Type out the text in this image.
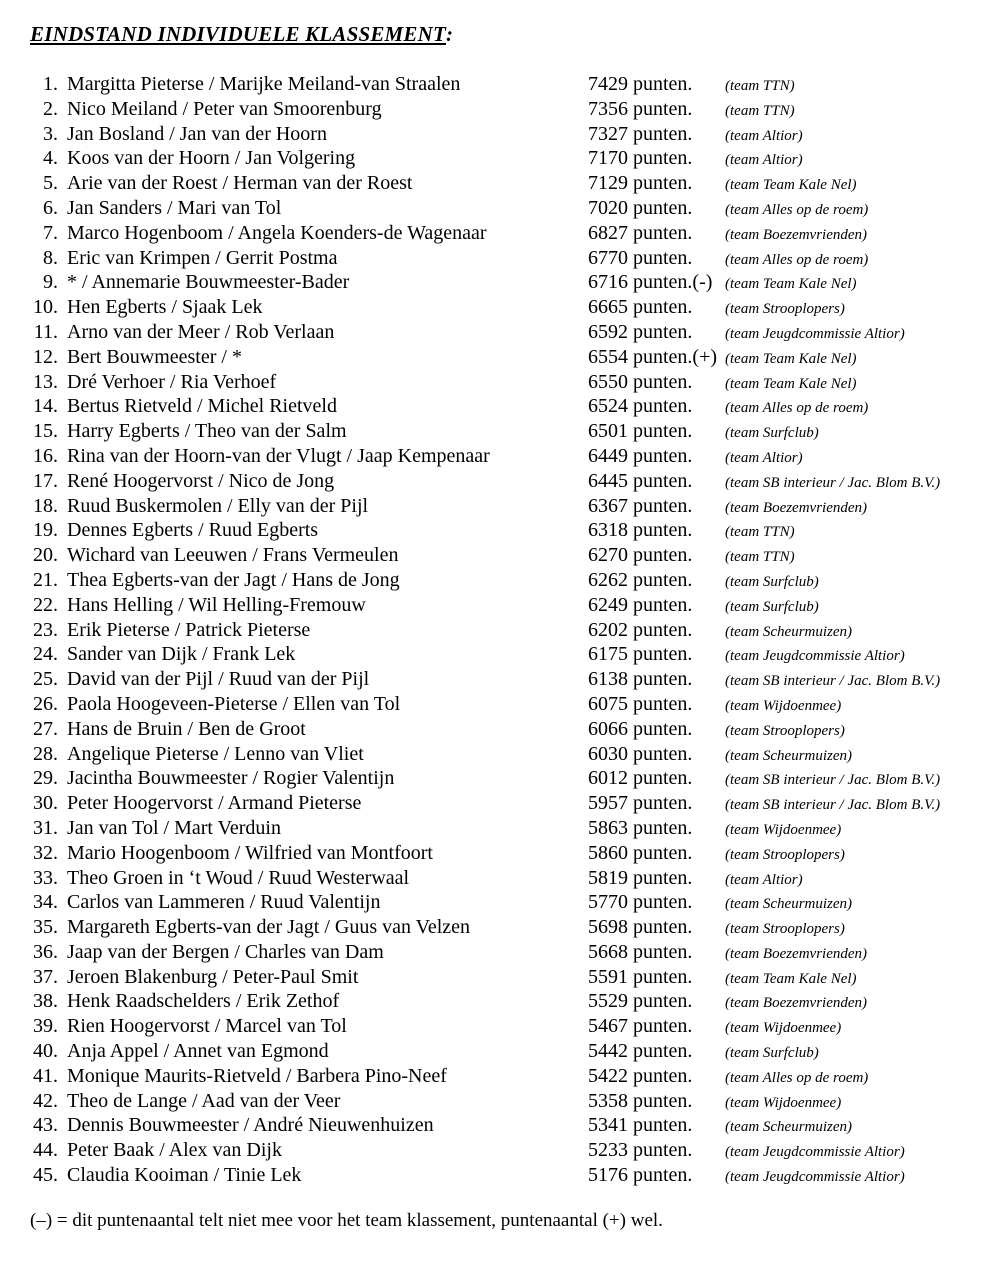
EINDSTAND INDIVIDUELE KLASSEMENT:
1. Margitta Pieterse / Marijke Meiland-van Straalen	7429 punten. (team TTN)
2. Nico Meiland / Peter van Smoorenburg	7356 punten. (team TTN)
3. Jan Bosland / Jan van der Hoorn	7327 punten. (team Altior)
4. Koos van der Hoorn / Jan Volgering	7170 punten. (team Altior)
5. Arie van der Roest / Herman van der Roest	7129 punten. (team Team Kale Nel)
6. Jan Sanders / Mari van Tol	7020 punten. (team Alles op de roem)
7. Marco Hogenboom / Angela Koenders-de Wagenaar	6827 punten. (team Boezemvrienden)
8. Eric van Krimpen / Gerrit Postma	6770 punten. (team Alles op de roem)
9. * / Annemarie Bouwmeester-Bader	6716 punten.(-) (team Team Kale Nel)
10. Hen Egberts / Sjaak Lek	6665 punten. (team Strooplopers)
11. Arno van der Meer / Rob Verlaan	6592 punten. (team Jeugdcommissie Altior)
12. Bert Bouwmeester / *	6554 punten.(+) (team Team Kale Nel)
13. Dré Verhoer / Ria Verhoef	6550 punten. (team Team Kale Nel)
14. Bertus Rietveld / Michel Rietveld	6524 punten. (team Alles op de roem)
15. Harry Egberts / Theo van der Salm	6501 punten. (team Surfclub)
16. Rina van der Hoorn-van der Vlugt / Jaap Kempenaar	6449 punten. (team Altior)
17. René Hoogervorst / Nico de Jong	6445 punten. (team SB interieur / Jac. Blom B.V.)
18. Ruud Buskermolen / Elly van der Pijl	6367 punten. (team Boezemvrienden)
19. Dennes Egberts / Ruud Egberts	6318 punten. (team TTN)
20. Wichard van Leeuwen / Frans Vermeulen	6270 punten. (team TTN)
21. Thea Egberts-van der Jagt / Hans de Jong	6262 punten. (team Surfclub)
22. Hans Helling / Wil Helling-Fremouw	6249 punten. (team Surfclub)
23. Erik Pieterse / Patrick Pieterse	6202 punten. (team Scheurmuizen)
24. Sander van Dijk / Frank Lek	6175 punten. (team Jeugdcommissie Altior)
25. David van der Pijl / Ruud van der Pijl	6138 punten. (team SB interieur / Jac. Blom B.V.)
26. Paola Hoogeveen-Pieterse / Ellen van Tol	6075 punten. (team Wijdoenmee)
27. Hans de Bruin / Ben de Groot	6066 punten. (team Strooplopers)
28. Angelique Pieterse / Lenno van Vliet	6030 punten. (team Scheurmuizen)
29. Jacintha Bouwmeester / Rogier Valentijn	6012 punten. (team SB interieur / Jac. Blom B.V.)
30. Peter Hoogervorst / Armand Pieterse	5957 punten. (team SB interieur / Jac. Blom B.V.)
31. Jan van Tol / Mart Verduin	5863 punten. (team Wijdoenmee)
32. Mario Hoogenboom / Wilfried van Montfoort	5860 punten. (team Strooplopers)
33. Theo Groen in ‘t Woud / Ruud Westerwaal	5819 punten. (team Altior)
34. Carlos van Lammeren / Ruud Valentijn	5770 punten. (team Scheurmuizen)
35. Margareth Egberts-van der Jagt / Guus van Velzen	5698 punten. (team Strooplopers)
36. Jaap van der Bergen / Charles van Dam	5668 punten. (team Boezemvrienden)
37. Jeroen Blakenburg / Peter-Paul Smit	5591 punten. (team Team Kale Nel)
38. Henk Raadschelders / Erik Zethof	5529 punten. (team Boezemvrienden)
39. Rien Hoogervorst / Marcel van Tol	5467 punten. (team Wijdoenmee)
40. Anja Appel / Annet van Egmond	5442 punten. (team Surfclub)
41. Monique Maurits-Rietveld / Barbera Pino-Neef	5422 punten. (team Alles op de roem)
42. Theo de Lange / Aad van der Veer	5358 punten. (team Wijdoenmee)
43. Dennis Bouwmeester / André Nieuwenhuizen	5341 punten. (team Scheurmuizen)
44. Peter Baak / Alex van Dijk	5233 punten. (team Jeugdcommissie Altior)
45. Claudia Kooiman / Tinie Lek	5176 punten. (team Jeugdcommissie Altior)

(–) = dit puntenaantal telt niet mee voor het team klassement, puntenaantal (+) wel.
